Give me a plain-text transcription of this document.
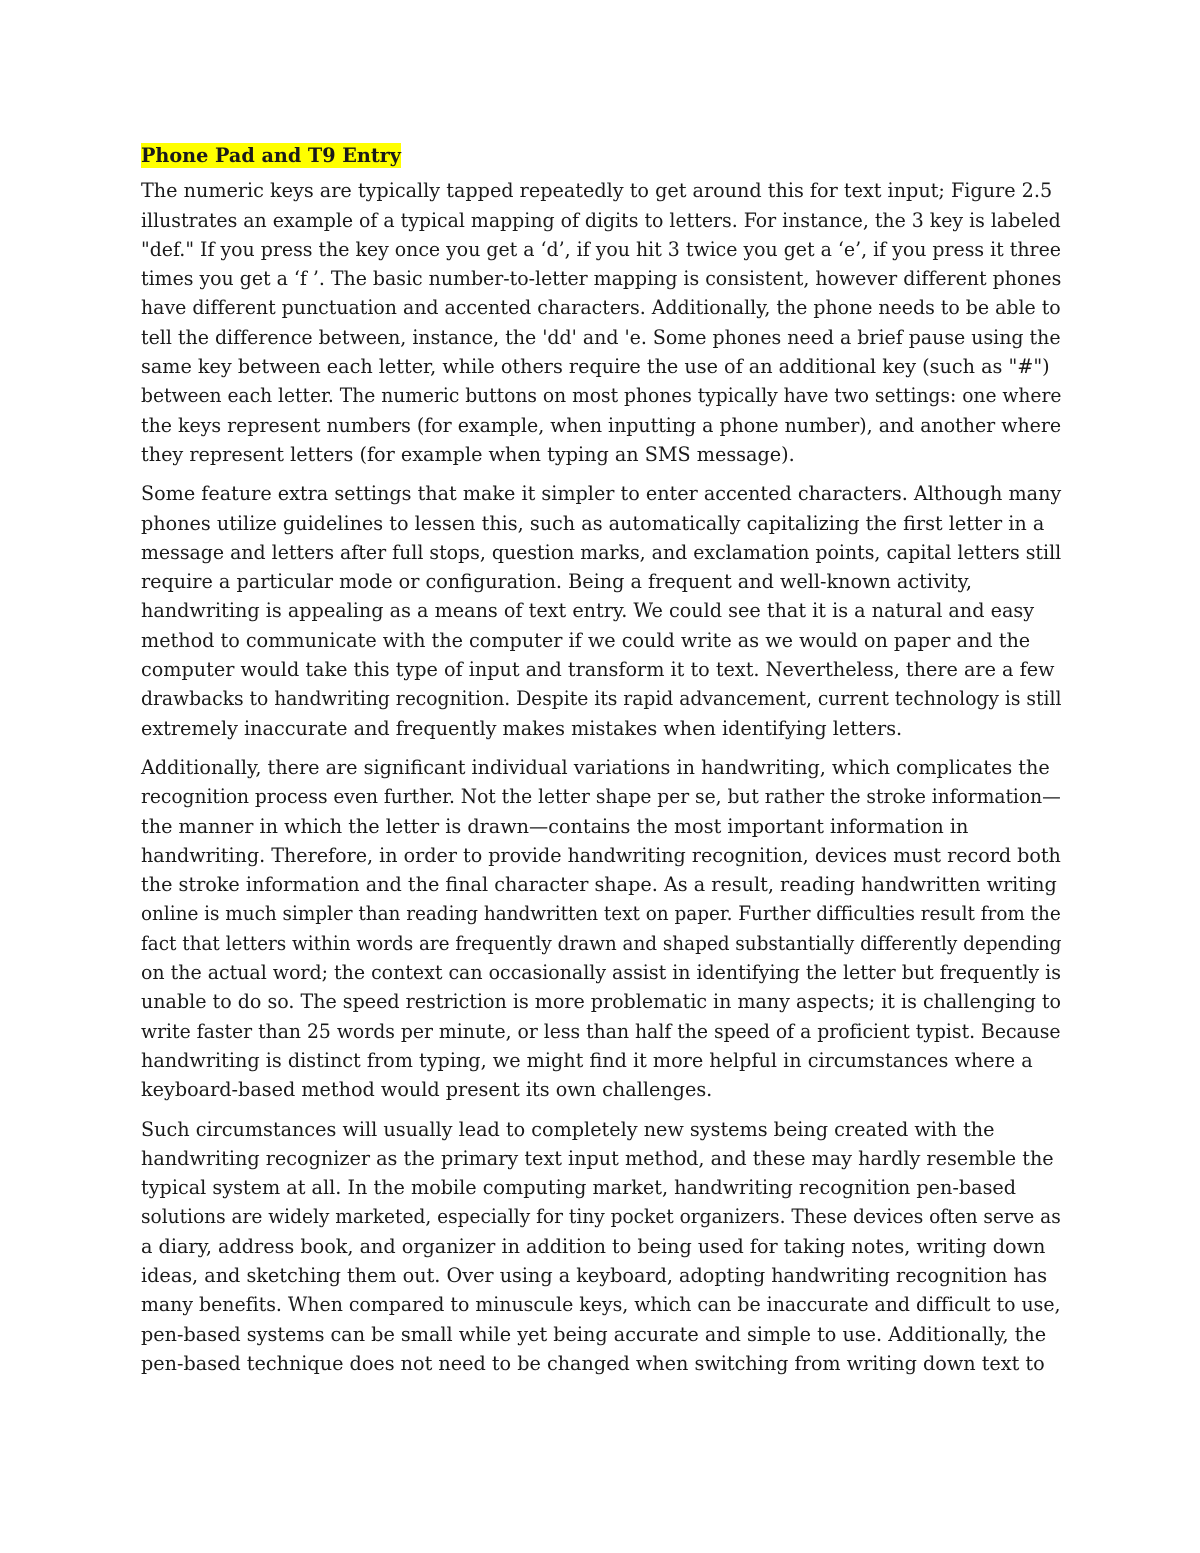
Phone Pad and T9 Entry

The numeric keys are typically tapped repeatedly to get around this for text input; Figure 2.5
illustrates an example of a typical mapping of digits to letters. For instance, the 3 key is labeled
"def." If you press the key once you get a ‘d’, if you hit 3 twice you get a ‘e’, if you press it three
times you get a ‘f ’. The basic number-to-letter mapping is consistent, however different phones
have different punctuation and accented characters. Additionally, the phone needs to be able to
tell the difference between, instance, the 'dd' and 'e. Some phones need a brief pause using the
same key between each letter, while others require the use of an additional key (such as "#")
between each letter. The numeric buttons on most phones typically have two settings: one where
the keys represent numbers (for example, when inputting a phone number), and another where
they represent letters (for example when typing an SMS message).

Some feature extra settings that make it simpler to enter accented characters. Although many
phones utilize guidelines to lessen this, such as automatically capitalizing the first letter in a
message and letters after full stops, question marks, and exclamation points, capital letters still
require a particular mode or configuration. Being a frequent and well-known activity,
handwriting is appealing as a means of text entry. We could see that it is a natural and easy
method to communicate with the computer if we could write as we would on paper and the
computer would take this type of input and transform it to text. Nevertheless, there are a few
drawbacks to handwriting recognition. Despite its rapid advancement, current technology is still
extremely inaccurate and frequently makes mistakes when identifying letters.

Additionally, there are significant individual variations in handwriting, which complicates the
recognition process even further. Not the letter shape per se, but rather the stroke information—
the manner in which the letter is drawn—contains the most important information in
handwriting. Therefore, in order to provide handwriting recognition, devices must record both
the stroke information and the final character shape. As a result, reading handwritten writing
online is much simpler than reading handwritten text on paper. Further difficulties result from the
fact that letters within words are frequently drawn and shaped substantially differently depending
on the actual word; the context can occasionally assist in identifying the letter but frequently is
unable to do so. The speed restriction is more problematic in many aspects; it is challenging to
write faster than 25 words per minute, or less than half the speed of a proficient typist. Because
handwriting is distinct from typing, we might find it more helpful in circumstances where a
keyboard-based method would present its own challenges.

Such circumstances will usually lead to completely new systems being created with the
handwriting recognizer as the primary text input method, and these may hardly resemble the
typical system at all. In the mobile computing market, handwriting recognition pen-based
solutions are widely marketed, especially for tiny pocket organizers. These devices often serve as
a diary, address book, and organizer in addition to being used for taking notes, writing down
ideas, and sketching them out. Over using a keyboard, adopting handwriting recognition has
many benefits. When compared to minuscule keys, which can be inaccurate and difficult to use,
pen-based systems can be small while yet being accurate and simple to use. Additionally, the
pen-based technique does not need to be changed when switching from writing down text to
